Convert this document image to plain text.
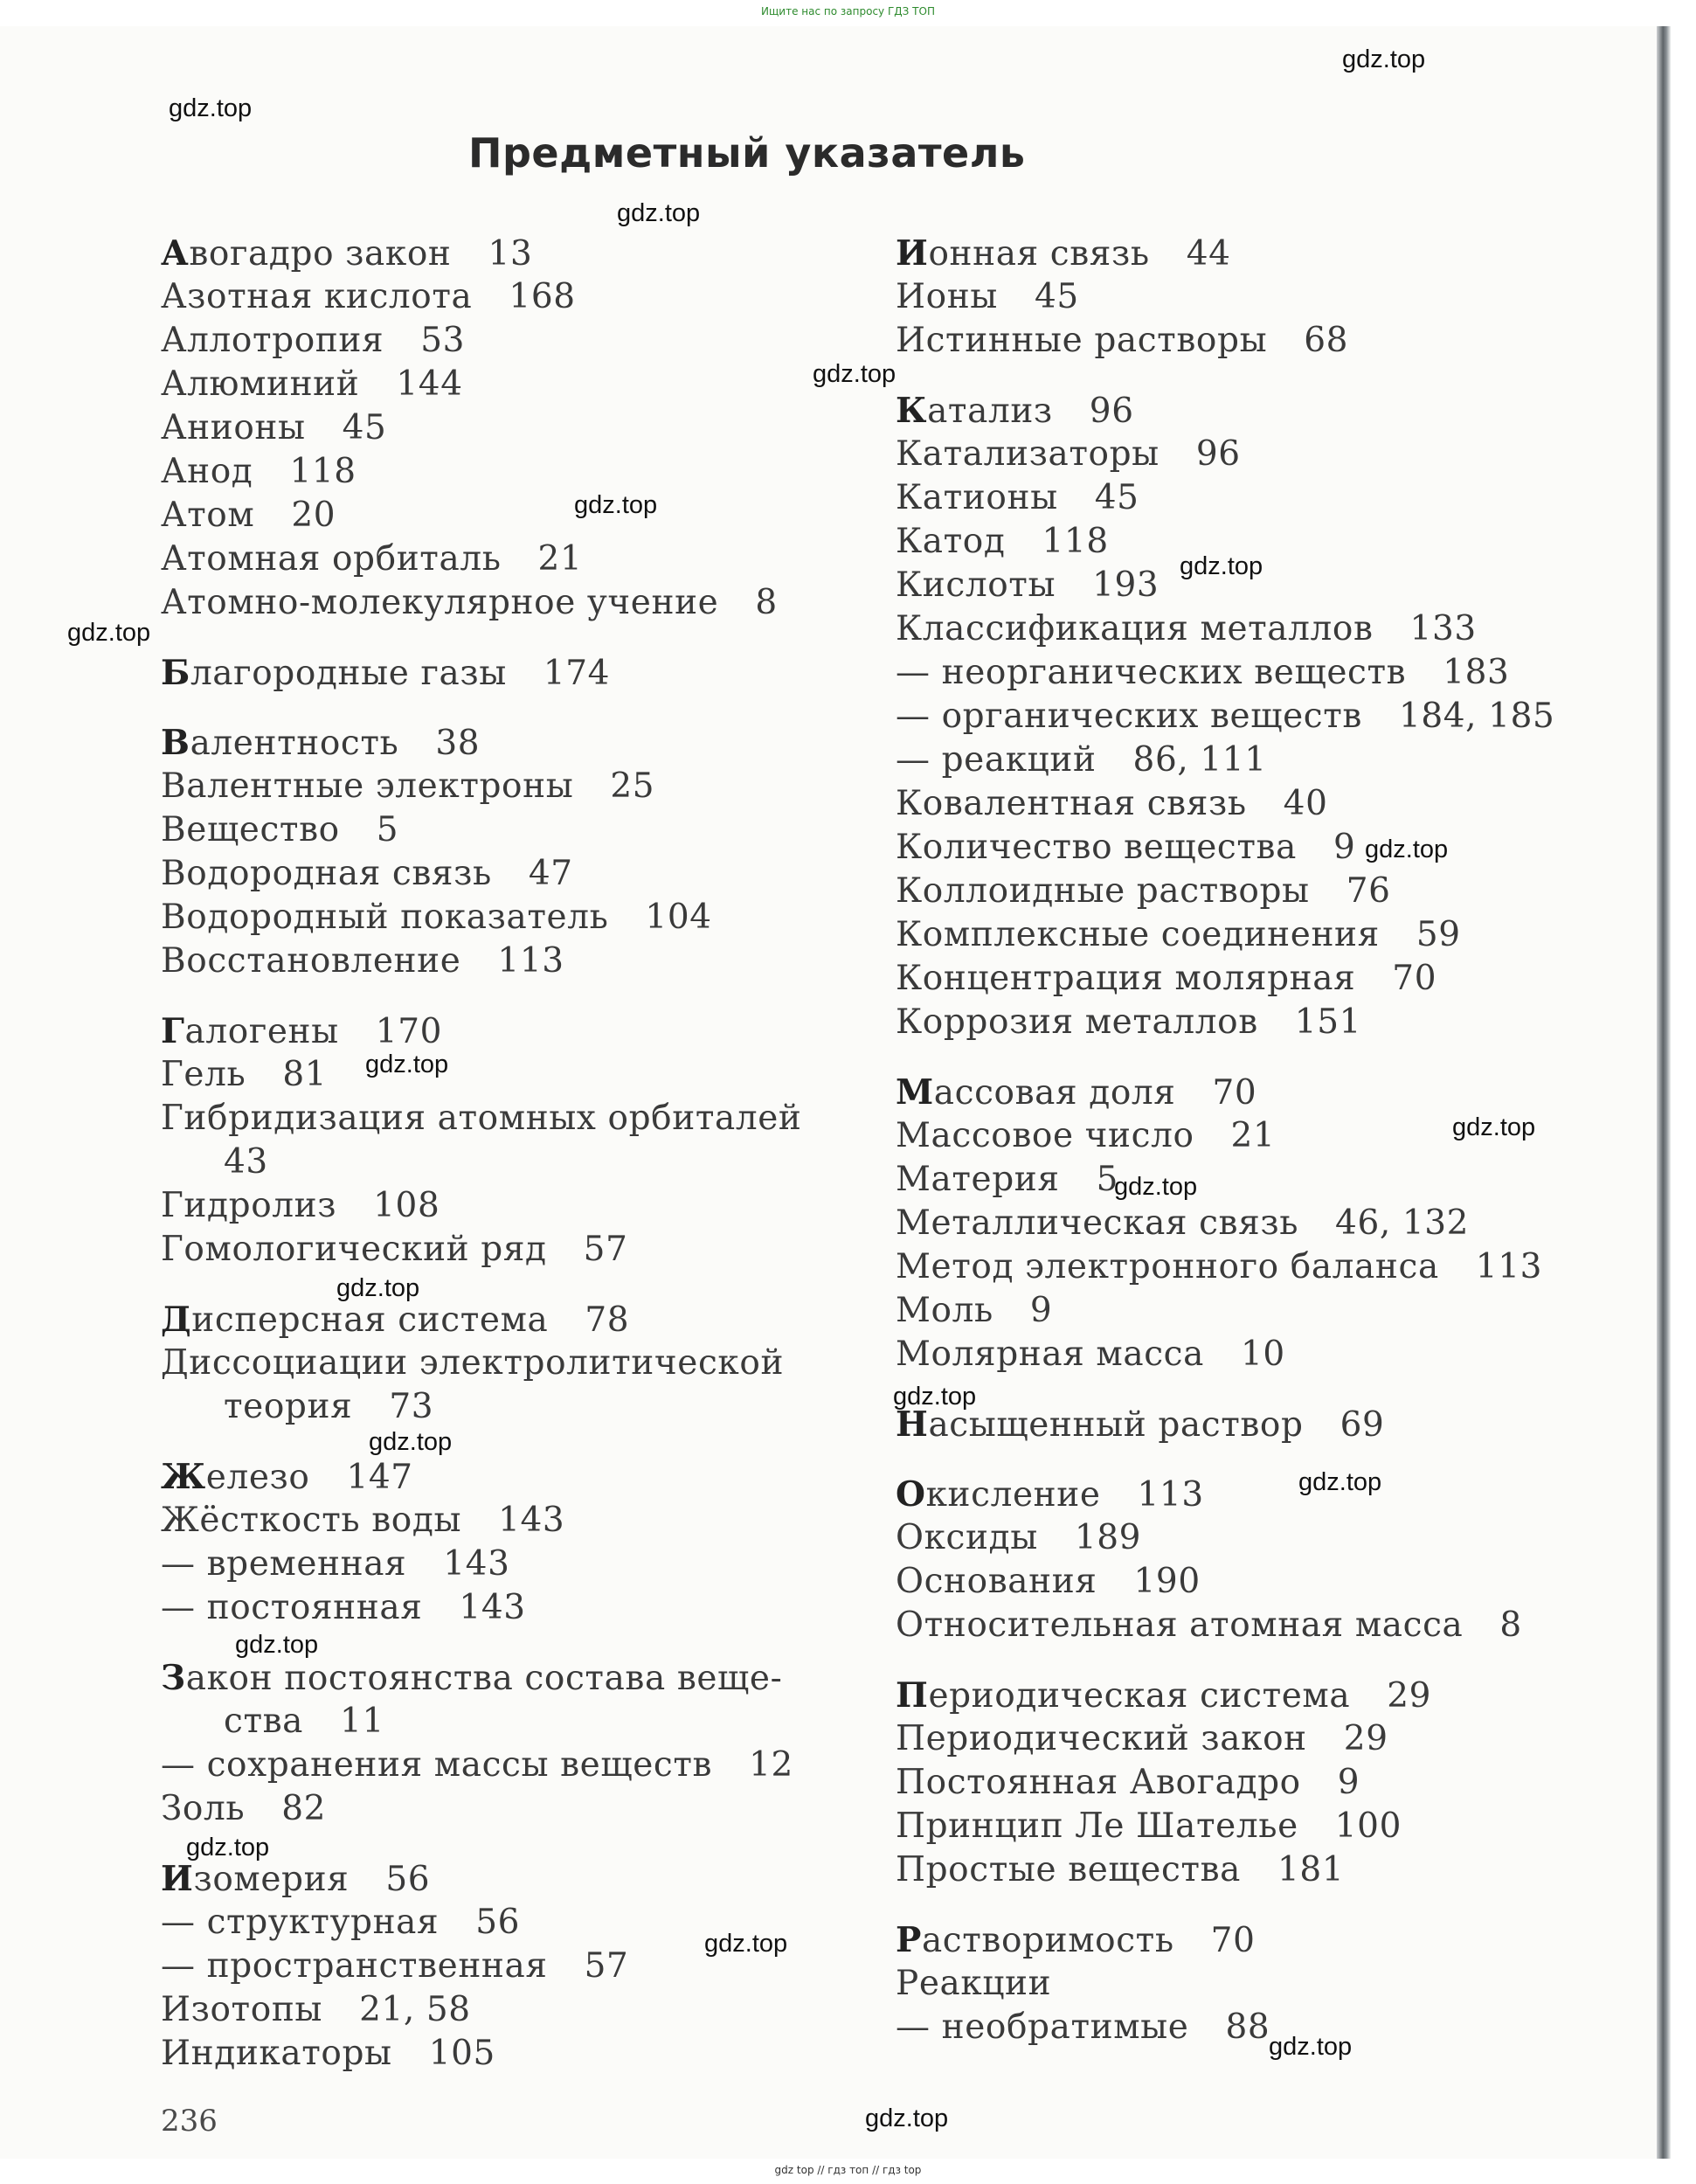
Ищите нас по запросу ГДЗ ТОП
Предметный указатель
Авогадро закон 13
Азотная кислота 168
Аллотропия 53
Алюминий 144
Анионы 45
Анод 118
Атом 20
Атомная орбиталь 21
Атомно-молекулярное учение 8
Благородные газы 174
Валентность 38
Валентные электроны 25
Вещество 5
Водородная связь 47
Водородный показатель 104
Восстановление 113
Галогены 170
Гель 81
Гибридизация атомных орбиталей
43
Гидролиз 108
Гомологический ряд 57
Дисперсная система 78
Диссоциации электролитической
теория 73
Железо 147
Жёсткость воды 143
— временная 143
— постоянная 143
Закон постоянства состава веще-
ства 11
— сохранения массы веществ 12
Золь 82
Изомерия 56
— структурная 56
— пространственная 57
Изотопы 21, 58
Индикаторы 105
Ионная связь 44
Ионы 45
Истинные растворы 68
Катализ 96
Катализаторы 96
Катионы 45
Катод 118
Кислоты 193
Классификация металлов 133
— неорганических веществ 183
— органических веществ 184, 185
— реакций 86, 111
Ковалентная связь 40
Количество вещества 9
Коллоидные растворы 76
Комплексные соединения 59
Концентрация молярная 70
Коррозия металлов 151
Массовая доля 70
Массовое число 21
Материя 5
Металлическая связь 46, 132
Метод электронного баланса 113
Моль 9
Молярная масса 10
Насыщенный раствор 69
Окисление 113
Оксиды 189
Основания 190
Относительная атомная масса 8
Периодическая система 29
Периодический закон 29
Постоянная Авогадро 9
Принцип Ле Шателье 100
Простые вещества 181
Растворимость 70
Реакции
— необратимые 88
236
gdz.top
gdz.top
gdz.top
gdz.top
gdz.top
gdz.top
gdz.top
gdz.top
gdz.top
gdz.top
gdz.top
gdz.top
gdz.top
gdz.top
gdz.top
gdz.top
gdz.top
gdz.top
gdz.top
gdz.top
gdz top // гдз топ // гдз top
